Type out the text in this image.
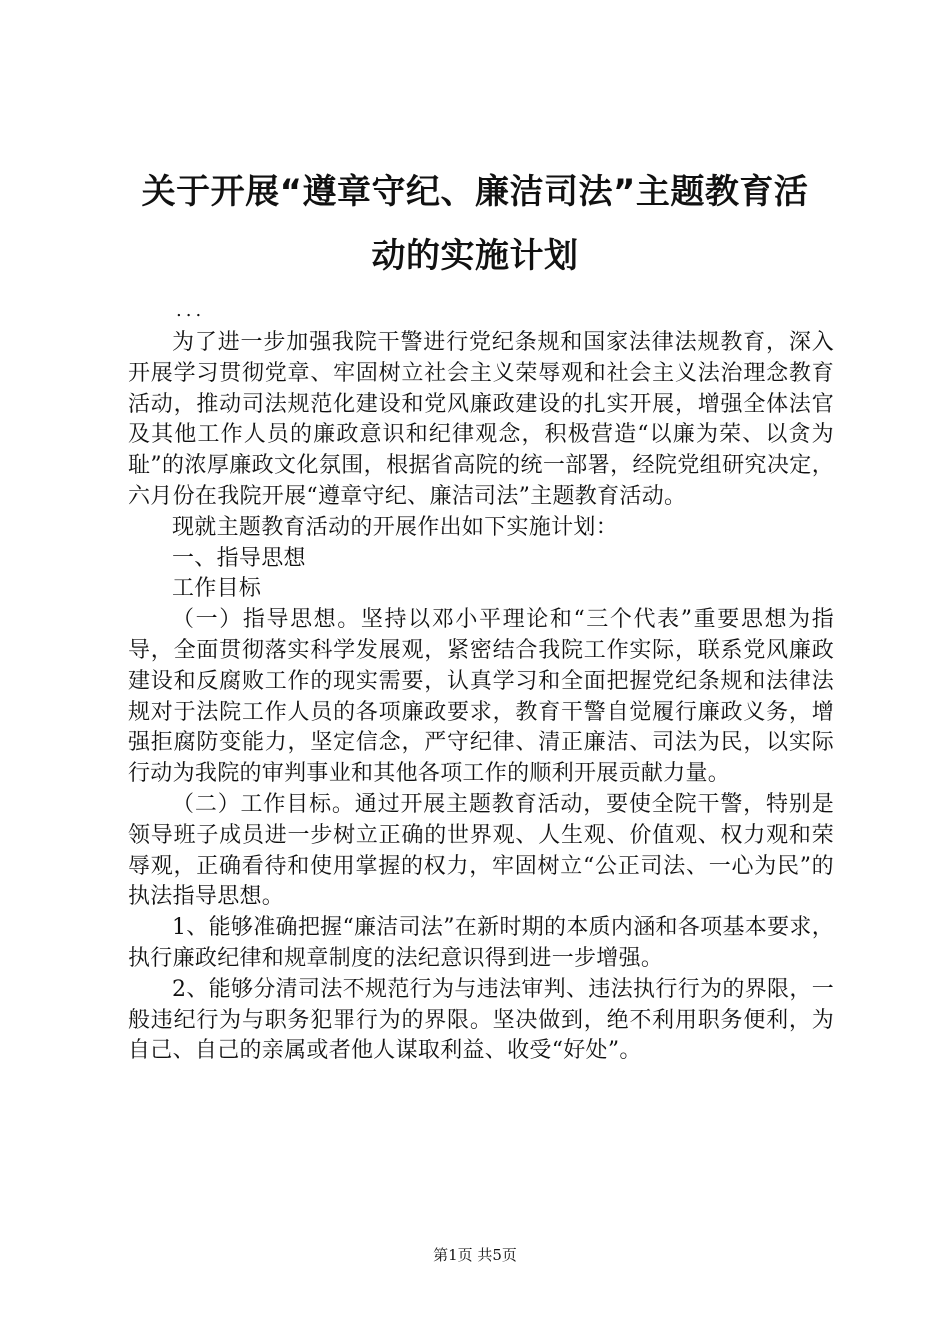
关于开展“遵章守纪、廉洁司法”主题教育活
动的实施计划
...

为了进一步加强我院干警进行党纪条规和国家法律法规教育，深入开展学习贯彻党章、牢固树立社会主义荣辱观和社会主义法治理念教育活动，推动司法规范化建设和党风廉政建设的扎实开展，增强全体法官及其他工作人员的廉政意识和纪律观念，积极营造“以廉为荣、以贪为耻”的浓厚廉政文化氛围，根据省高院的统一部署，经院党组研究决定，六月份在我院开展“遵章守纪、廉洁司法”主题教育活动。

现就主题教育活动的开展作出如下实施计划：

一、指导思想

工作目标

（一）指导思想。坚持以邓小平理论和“三个代表”重要思想为指导，全面贯彻落实科学发展观，紧密结合我院工作实际，联系党风廉政建设和反腐败工作的现实需要，认真学习和全面把握党纪条规和法律法规对于法院工作人员的各项廉政要求，教育干警自觉履行廉政义务，增强拒腐防变能力，坚定信念，严守纪律、清正廉洁、司法为民，以实际行动为我院的审判事业和其他各项工作的顺利开展贡献力量。

（二）工作目标。通过开展主题教育活动，要使全院干警，特别是领导班子成员进一步树立正确的世界观、人生观、价值观、权力观和荣辱观，正确看待和使用掌握的权力，牢固树立“公正司法、一心为民”的执法指导思想。

1、能够准确把握“廉洁司法”在新时期的本质内涵和各项基本要求，执行廉政纪律和规章制度的法纪意识得到进一步增强。

2、能够分清司法不规范行为与违法审判、违法执行行为的界限，一般违纪行为与职务犯罪行为的界限。坚决做到，绝不利用职务便利，为自己、自己的亲属或者他人谋取利益、收受“好处”。

第1页 共5页
